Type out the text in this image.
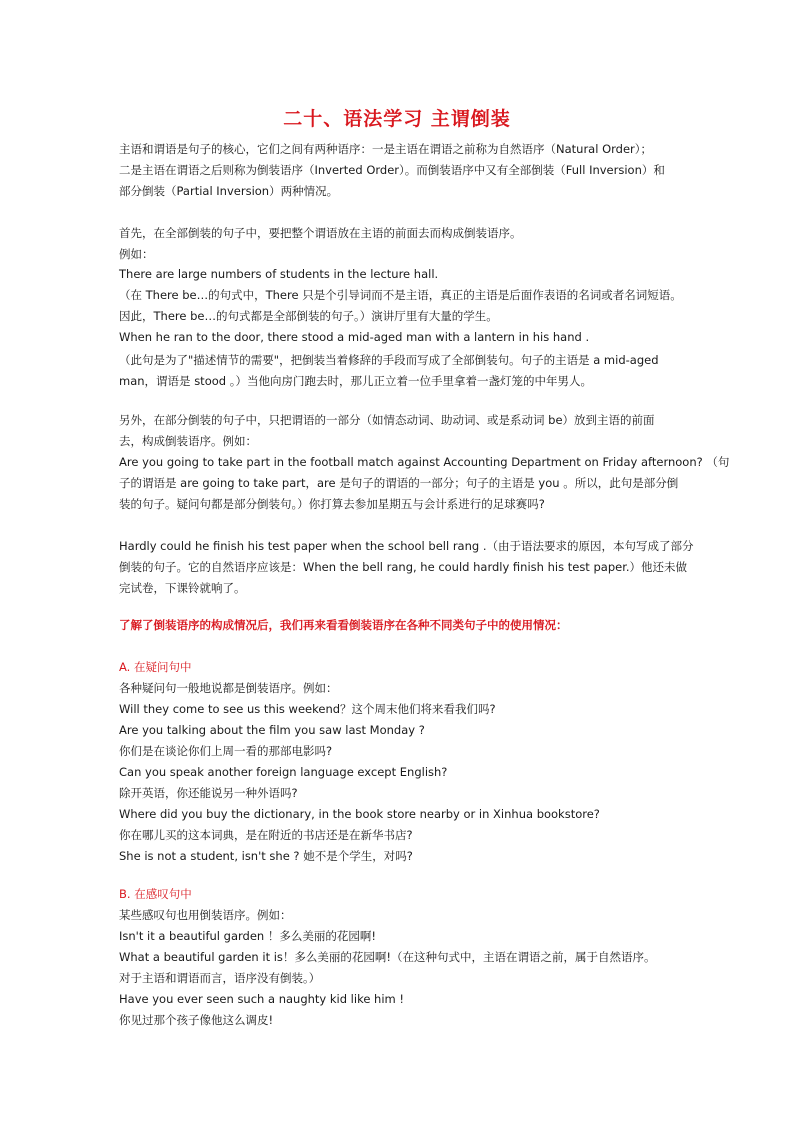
二十、语法学习 主谓倒装
主语和谓语是句子的核心，它们之间有两种语序：一是主语在谓语之前称为自然语序（Natural Order）；
二是主语在谓语之后则称为倒装语序（Inverted Order）。而倒装语序中又有全部倒装（Full Inversion）和
部分倒装（Partial Inversion）两种情况。
首先，在全部倒装的句子中，要把整个谓语放在主语的前面去而构成倒装语序。
例如：
There are large numbers of students in the lecture hall.
（在 There be…的句式中，There 只是个引导词而不是主语，真正的主语是后面作表语的名词或者名词短语。
因此，There be…的句式都是全部倒装的句子。）演讲厅里有大量的学生。
When he ran to the door, there stood a mid-aged man with a lantern in his hand .
（此句是为了"描述情节的需要"，把倒装当着修辞的手段而写成了全部倒装句。句子的主语是 a mid-aged man，谓语是 stood 。）当他向房门跑去时，那儿正立着一位手里拿着一盏灯笼的中年男人。
另外，在部分倒装的句子中，只把谓语的一部分（如情态动词、助动词、或是系动词 be）放到主语的前面
去，构成倒装语序。例如：
Are you going to take part in the football match against Accounting Department on Friday afternoon? （句
子的谓语是 are going to take part，are 是句子的谓语的一部分；句子的主语是 you 。所以，此句是部分倒
装的句子。疑问句都是部分倒装句。）你打算去参加星期五与会计系进行的足球赛吗?
Hardly could he finish his test paper when the school bell rang .（由于语法要求的原因，本句写成了部分
倒装的句子。它的自然语序应该是：When the bell rang, he could hardly finish his test paper.）他还未做
完试卷，下课铃就响了。
了解了倒装语序的构成情况后，我们再来看看倒装语序在各种不同类句子中的使用情况：
A. 在疑问句中
各种疑问句一般地说都是倒装语序。例如：
Will they come to see us this weekend？这个周末他们将来看我们吗?
Are you talking about the film you saw last Monday ?
你们是在谈论你们上周一看的那部电影吗?
Can you speak another foreign language except English?
除开英语，你还能说另一种外语吗?
Where did you buy the dictionary, in the book store nearby or in Xinhua bookstore?
你在哪儿买的这本词典，是在附近的书店还是在新华书店?
She is not a student, isn't she ? 她不是个学生，对吗?
B. 在感叹句中
某些感叹句也用倒装语序。例如：
Isn't it a beautiful garden ！多么美丽的花园啊!
What a beautiful garden it is！多么美丽的花园啊!（在这种句式中，主语在谓语之前，属于自然语序。
对于主语和谓语而言，语序没有倒装。）
Have you ever seen such a naughty kid like him !
你见过那个孩子像他这么调皮!
